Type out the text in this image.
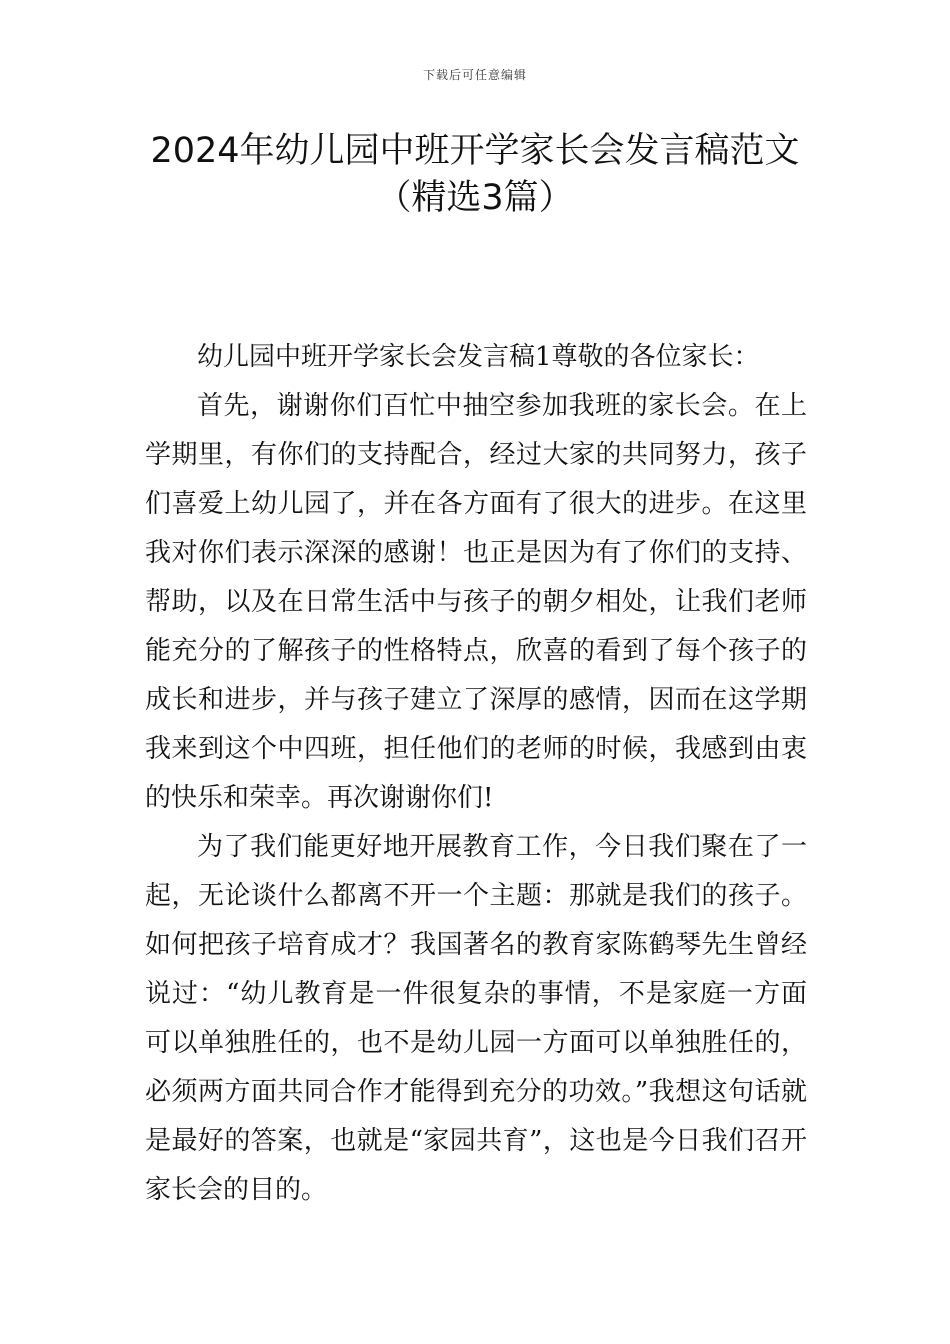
下载后可任意编辑
2024年幼儿园中班开学家长会发言稿范文
（精选3篇）

幼儿园中班开学家长会发言稿1尊敬的各位家长：

首先，谢谢你们百忙中抽空参加我班的家长会。在上学期里，有你们的支持配合，经过大家的共同努力，孩子们喜爱上幼儿园了，并在各方面有了很大的进步。在这里我对你们表示深深的感谢！也正是因为有了你们的支持、帮助，以及在日常生活中与孩子的朝夕相处，让我们老师能充分的了解孩子的性格特点，欣喜的看到了每个孩子的成长和进步，并与孩子建立了深厚的感情，因而在这学期我来到这个中四班，担任他们的老师的时候，我感到由衷的快乐和荣幸。再次谢谢你们!

为了我们能更好地开展教育工作，今日我们聚在了一起，无论谈什么都离不开一个主题：那就是我们的孩子。如何把孩子培育成才？我国著名的教育家陈鹤琴先生曾经说过：“幼儿教育是一件很复杂的事情，不是家庭一方面可以单独胜任的，也不是幼儿园一方面可以单独胜任的，必须两方面共同合作才能得到充分的功效。”我想这句话就是最好的答案，也就是“家园共育”，这也是今日我们召开家长会的目的。
